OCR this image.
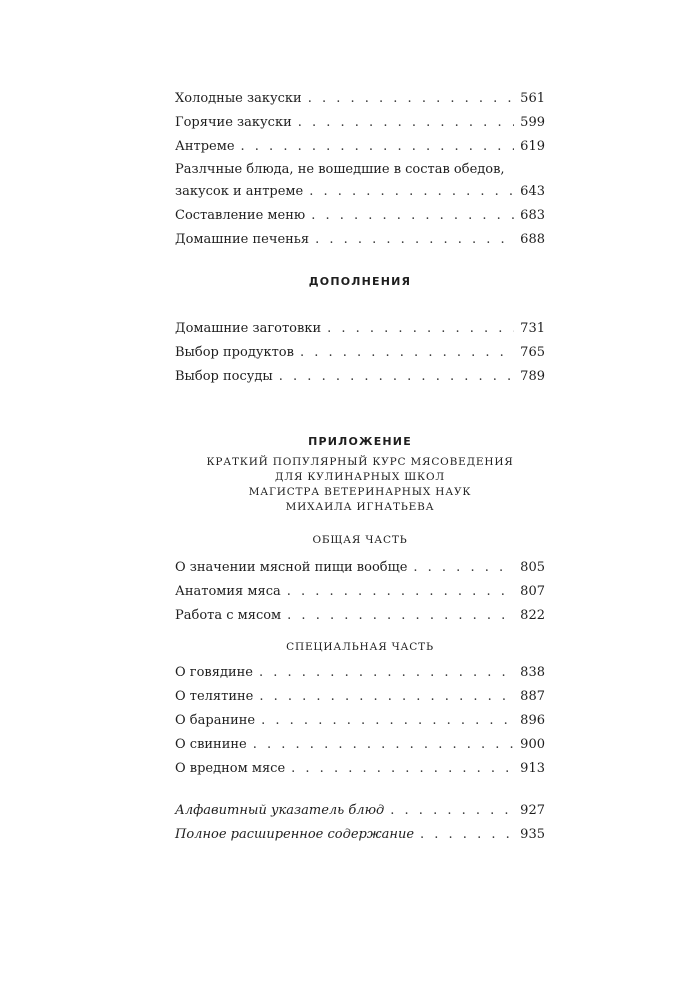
Холодные закуски . . .	561
Горячие закуски . . .	599
Антреме . . .	619
Разлчные блюда, не вошедшие в состав обедов,
закусок и антреме . . .	643
Составление меню . . .	683
Домашние печенья . . .	688
ДОПОЛНЕНИЯ
Домашние заготовки . . .	731
Выбор продуктов . . .	765
Выбор посуды . . .	789
ПРИЛОЖЕНИЕ
КРАТКИЙ ПОПУЛЯРНЫЙ КУРС МЯСОВЕДЕНИЯ
ДЛЯ КУЛИНАРНЫХ ШКОЛ
МАГИСТРА ВЕТЕРИНАРНЫХ НАУК
МИХАИЛА ИГНАТЬЕВА
ОБЩАЯ ЧАСТЬ
О значении мясной пищи вообще . . .	805
Анатомия мяса . . .	807
Работа с мясом . . .	822
СПЕЦИАЛЬНАЯ ЧАСТЬ
О говядине . . .	838
О телятине . . .	887
О баранине . . .	896
О свинине . . .	900
О вредном мясе . . .	913
Алфавитный указатель блюд . . .	927
Полное расширенное содержание . . .	935
